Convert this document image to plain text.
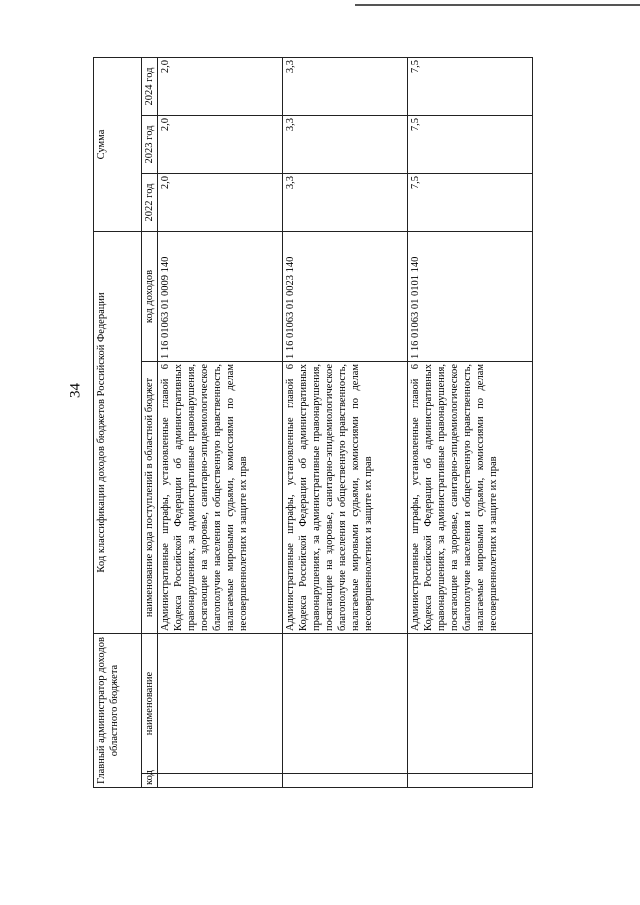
34
Главный администратор доходов областного бюджета		Код классификации доходов бюджетов Российской Федерации		Сумма		
код	наименование	наименование кода поступлений в областной бюджет	код доходов	2022 год	2023 год	2024 год
		Административные штрафы, установленные главой 6 Кодекса Российской Федерации об административных правонарушениях, за административные правонарушения, посягающие на здоровье, санитарно-эпидемиологическое благополучие населения и общественную нравственность, налагаемые мировыми судьями, комиссиями по делам несовершеннолетних и защите их прав	1 16 01063 01 0009 140	2,0	2,0	2,0
		Административные штрафы, установленные главой 6 Кодекса Российской Федерации об административных правонарушениях, за административные правонарушения, посягающие на здоровье, санитарно-эпидемиологическое благополучие населения и общественную нравственность, налагаемые мировыми судьями, комиссиями по делам несовершеннолетних и защите их прав	1 16 01063 01 0023 140	3,3	3,3	3,3
		Административные штрафы, установленные главой 6 Кодекса Российской Федерации об административных правонарушениях, за административные правонарушения, посягающие на здоровье, санитарно-эпидемиологическое благополучие населения и общественную нравственность, налагаемые мировыми судьями, комиссиями по делам несовершеннолетних и защите их прав	1 16 01063 01 0101 140	7,5	7,5	7,5
